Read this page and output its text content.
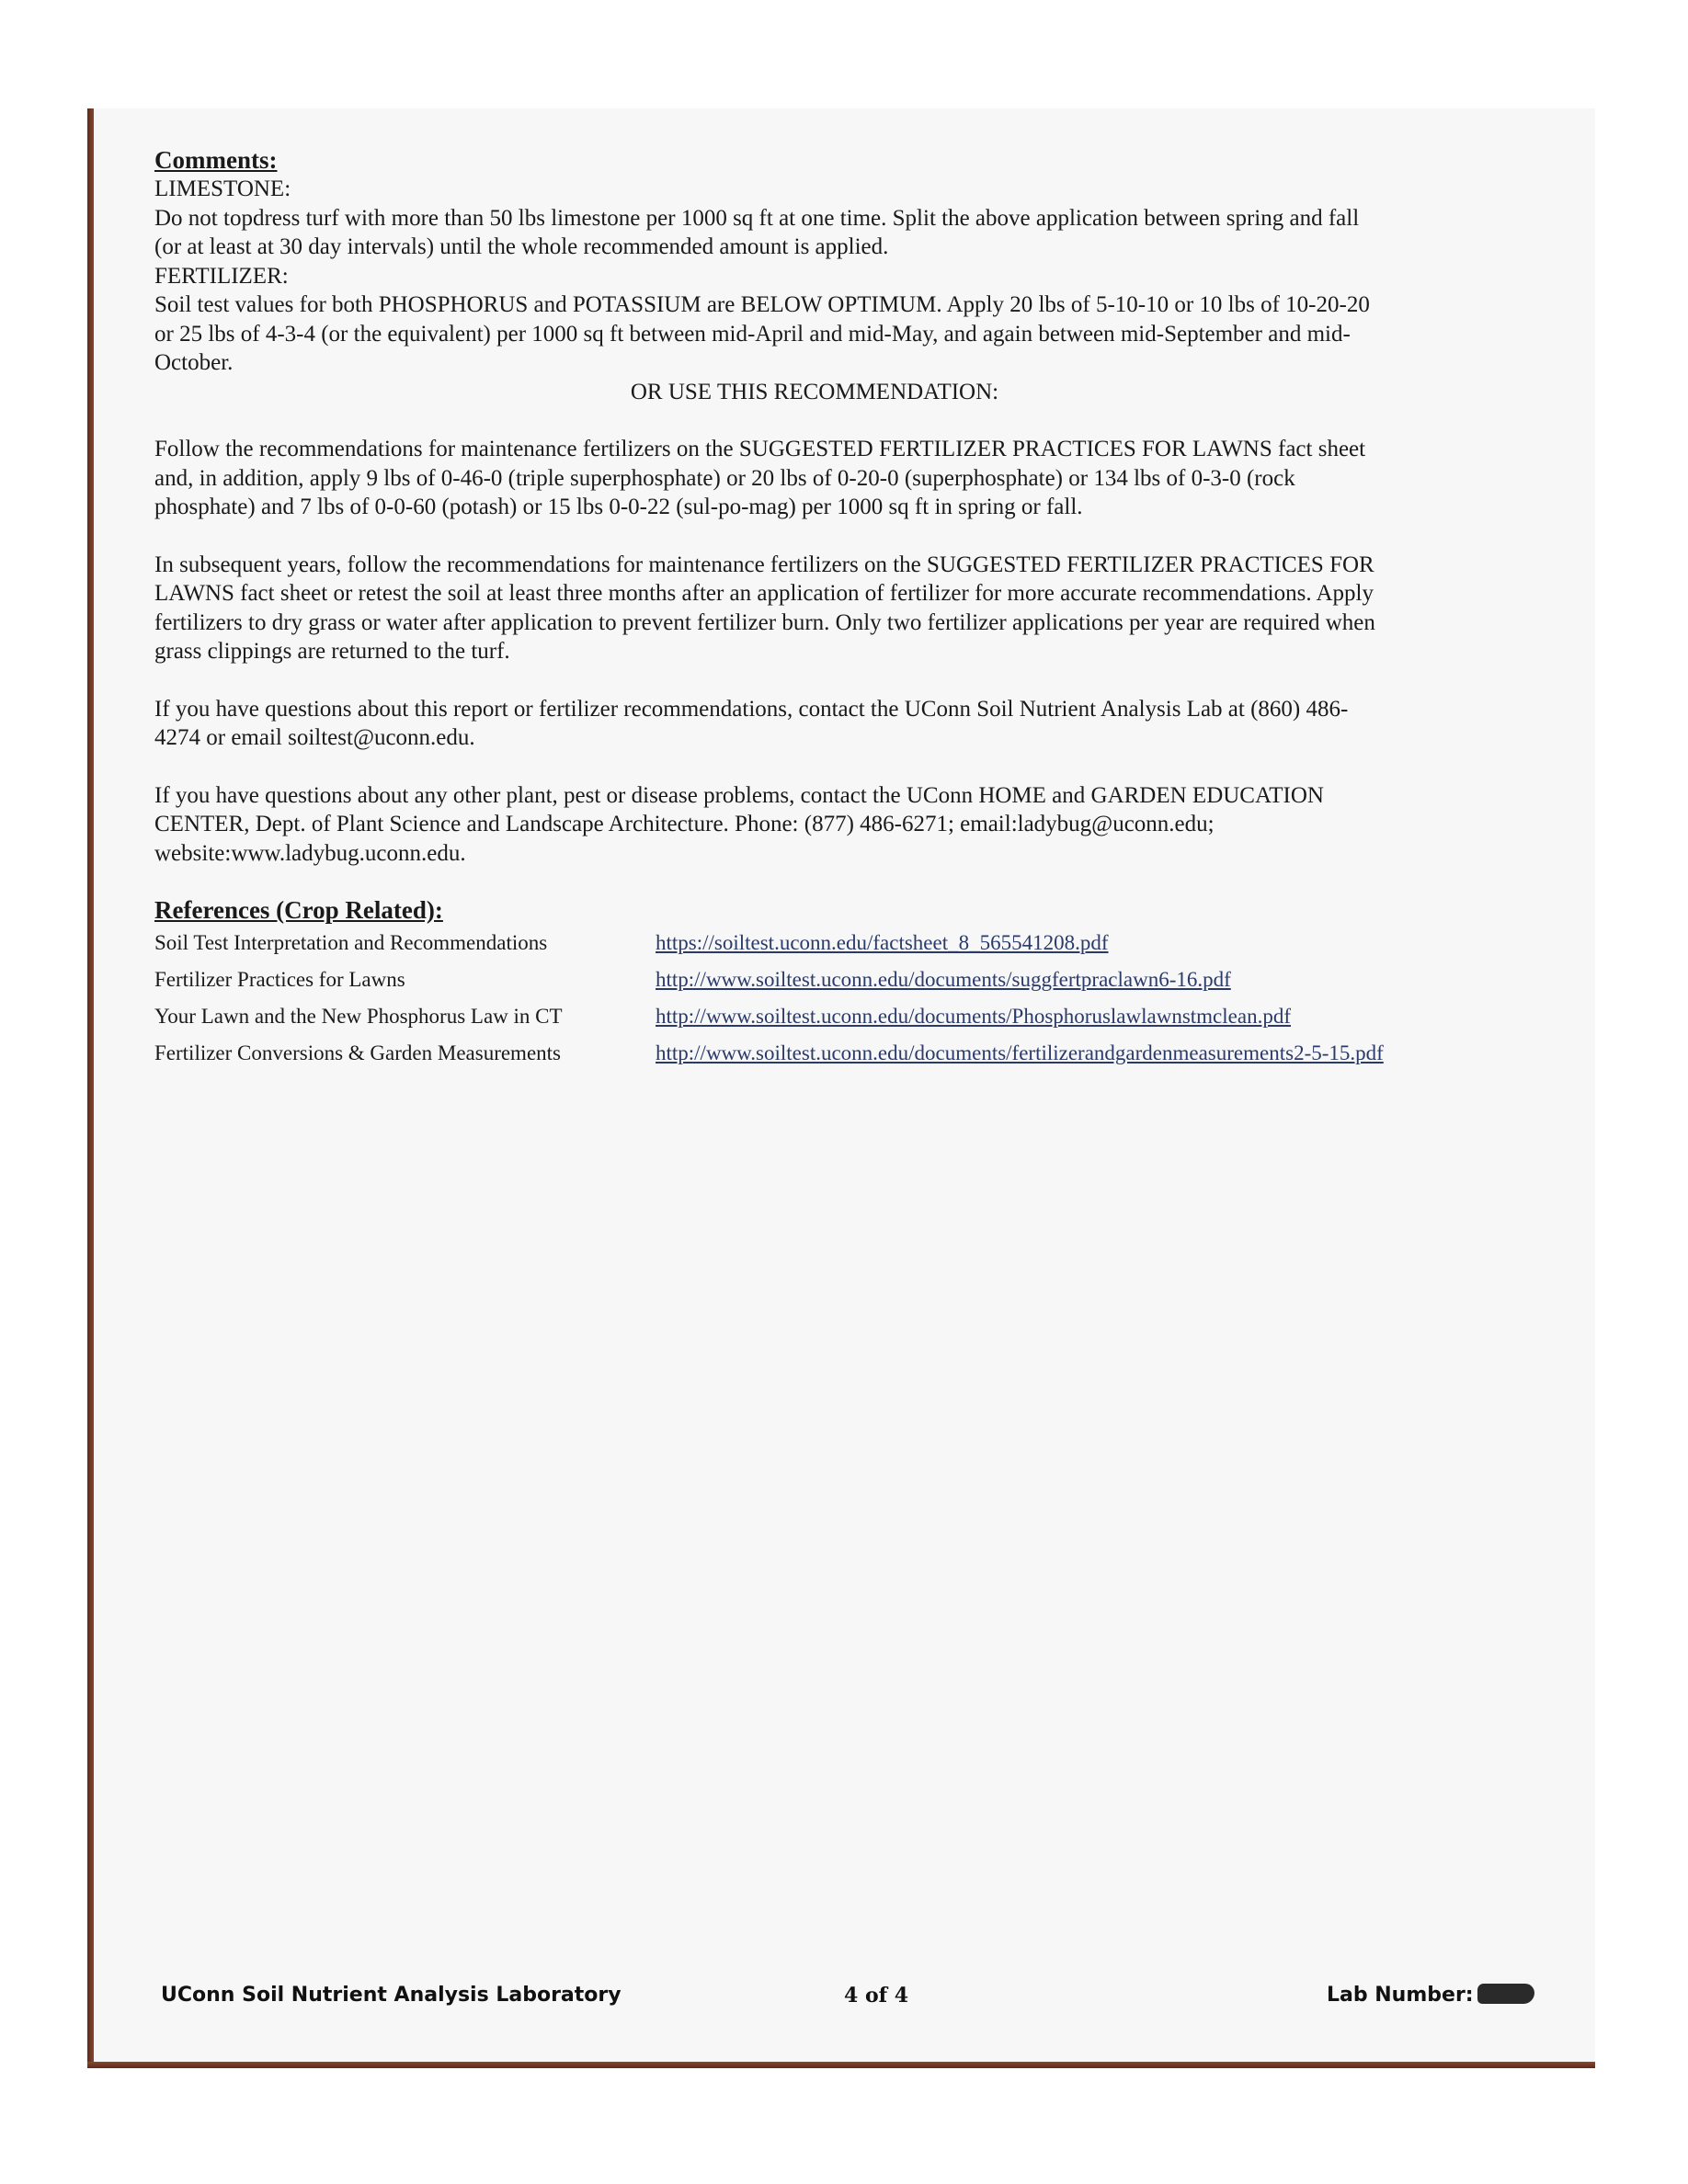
Comments:
LIMESTONE:
Do not topdress turf with more than 50 lbs limestone per 1000 sq ft at one time. Split the above application between spring and fall
(or at least at 30 day intervals) until the whole recommended amount is applied.
FERTILIZER:
Soil test values for both PHOSPHORUS and POTASSIUM are BELOW OPTIMUM. Apply 20 lbs of 5-10-10 or 10 lbs of 10-20-20
or 25 lbs of 4-3-4 (or the equivalent) per 1000 sq ft between mid-April and mid-May, and again between mid-September and mid-
October.
OR USE THIS RECOMMENDATION:
Follow the recommendations for maintenance fertilizers on the SUGGESTED FERTILIZER PRACTICES FOR LAWNS fact sheet
and, in addition, apply 9 lbs of 0-46-0 (triple superphosphate) or 20 lbs of 0-20-0 (superphosphate) or 134 lbs of 0-3-0 (rock
phosphate) and 7 lbs of 0-0-60 (potash) or 15 lbs 0-0-22 (sul-po-mag) per 1000 sq ft in spring or fall.
In subsequent years, follow the recommendations for maintenance fertilizers on the SUGGESTED FERTILIZER PRACTICES FOR
LAWNS fact sheet or retest the soil at least three months after an application of fertilizer for more accurate recommendations. Apply
fertilizers to dry grass or water after application to prevent fertilizer burn. Only two fertilizer applications per year are required when
grass clippings are returned to the turf.
If you have questions about this report or fertilizer recommendations, contact the UConn Soil Nutrient Analysis Lab at (860) 486-
4274 or email soiltest@uconn.edu.
If you have questions about any other plant, pest or disease problems, contact the UConn HOME and GARDEN EDUCATION
CENTER, Dept. of Plant Science and Landscape Architecture. Phone: (877) 486-6271; email:ladybug@uconn.edu;
website:www.ladybug.uconn.edu.
References (Crop Related):
Soil Test Interpretation and Recommendations	https://soiltest.uconn.edu/factsheet_8_565541208.pdf
Fertilizer Practices for Lawns	http://www.soiltest.uconn.edu/documents/suggfertpraclawn6-16.pdf
Your Lawn and the New Phosphorus Law in CT	http://www.soiltest.uconn.edu/documents/Phosphoruslawlawnstmclean.pdf
Fertilizer Conversions & Garden Measurements	http://www.soiltest.uconn.edu/documents/fertilizerandgardenmeasurements2-5-15.pdf
UConn Soil Nutrient Analysis Laboratory	4 of 4	Lab Number:
